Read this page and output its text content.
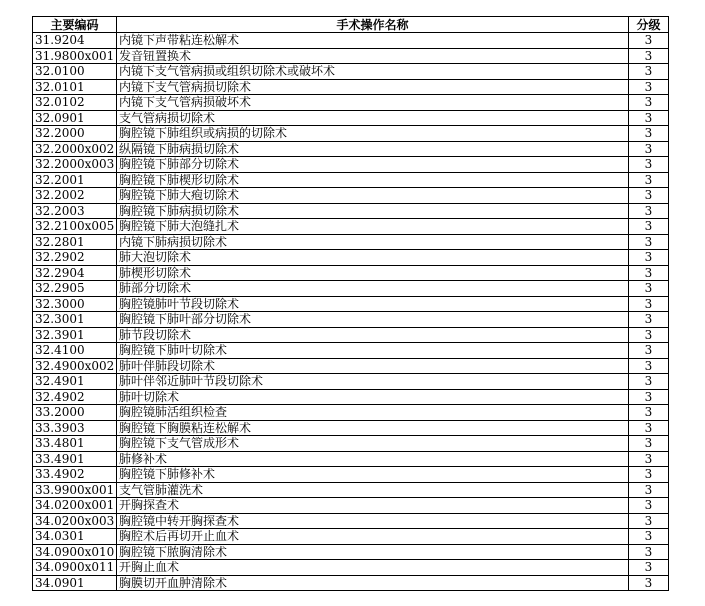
主要编码	手术操作名称	分级
31.9204	内镜下声带粘连松解术	3
31.9800x001	发音钮置换术	3
32.0100	内镜下支气管病损或组织切除术或破坏术	3
32.0101	内镜下支气管病损切除术	3
32.0102	内镜下支气管病损破坏术	3
32.0901	支气管病损切除术	3
32.2000	胸腔镜下肺组织或病损的切除术	3
32.2000x002	纵隔镜下肺病损切除术	3
32.2000x003	胸腔镜下肺部分切除术	3
32.2001	胸腔镜下肺楔形切除术	3
32.2002	胸腔镜下肺大疱切除术	3
32.2003	胸腔镜下肺病损切除术	3
32.2100x005	胸腔镜下肺大泡缝扎术	3
32.2801	内镜下肺病损切除术	3
32.2902	肺大泡切除术	3
32.2904	肺楔形切除术	3
32.2905	肺部分切除术	3
32.3000	胸腔镜肺叶节段切除术	3
32.3001	胸腔镜下肺叶部分切除术	3
32.3901	肺节段切除术	3
32.4100	胸腔镜下肺叶切除术	3
32.4900x002	肺叶伴肺段切除术	3
32.4901	肺叶伴邻近肺叶节段切除术	3
32.4902	肺叶切除术	3
33.2000	胸腔镜肺活组织检查	3
33.3903	胸腔镜下胸膜粘连松解术	3
33.4801	胸腔镜下支气管成形术	3
33.4901	肺修补术	3
33.4902	胸腔镜下肺修补术	3
33.9900x001	支气管肺灌洗术	3
34.0200x001	开胸探查术	3
34.0200x003	胸腔镜中转开胸探查术	3
34.0301	胸腔术后再切开止血术	3
34.0900x010	胸腔镜下脓胸清除术	3
34.0900x011	开胸止血术	3
34.0901	胸膜切开血肿清除术	3
